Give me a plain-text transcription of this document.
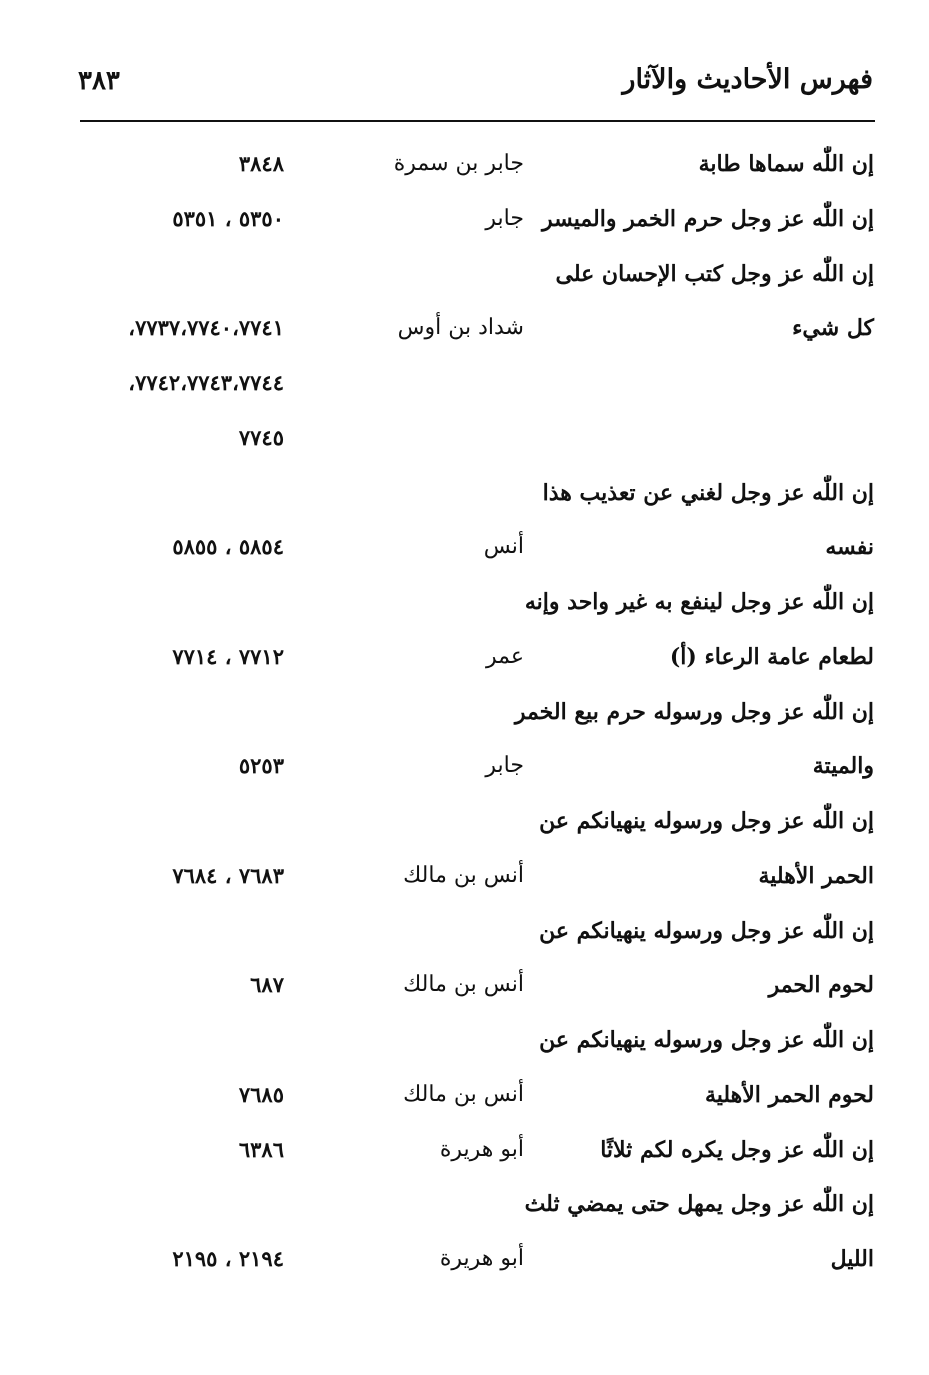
فهرس الأحاديث والآثار
٣٨٣
إن اللّٰه سماها طابة
جابر بن سمرة
٣٨٤٨
إن اللّٰه عز وجل حرم الخمر والميسر
جابر
٥٣٥٠ ، ٥٣٥١
إن اللّٰه عز وجل كتب الإحسان على
كل شيء
شداد بن أوس
٧٧٣٧،٧٧٤٠،٧٧٤١،
٧٧٤٢،٧٧٤٣،٧٧٤٤،
٧٧٤٥
إن اللّٰه عز وجل لغني عن تعذيب هذا
نفسه
أنس
٥٨٥٤ ، ٥٨٥٥
إن اللّٰه عز وجل لينفع به غير واحد وإنه
لطعام عامة الرعاء (أ)
عمر
٧٧١٢ ، ٧٧١٤
إن اللّٰه عز وجل ورسوله حرم بيع الخمر
والميتة
جابر
٥٢٥٣
إن اللّٰه عز وجل ورسوله ينهيانكم عن
الحمر الأهلية
أنس بن مالك
٧٦٨٣ ، ٧٦٨٤
إن اللّٰه عز وجل ورسوله ينهيانكم عن
لحوم الحمر
أنس بن مالك
٦٨٧
إن اللّٰه عز وجل ورسوله ينهيانكم عن
لحوم الحمر الأهلية
أنس بن مالك
٧٦٨٥
إن اللّٰه عز وجل يكره لكم ثلاثًا
أبو هريرة
٦٣٨٦
إن اللّٰه عز وجل يمهل حتى يمضي ثلث
الليل
أبو هريرة
٢١٩٤ ، ٢١٩٥
